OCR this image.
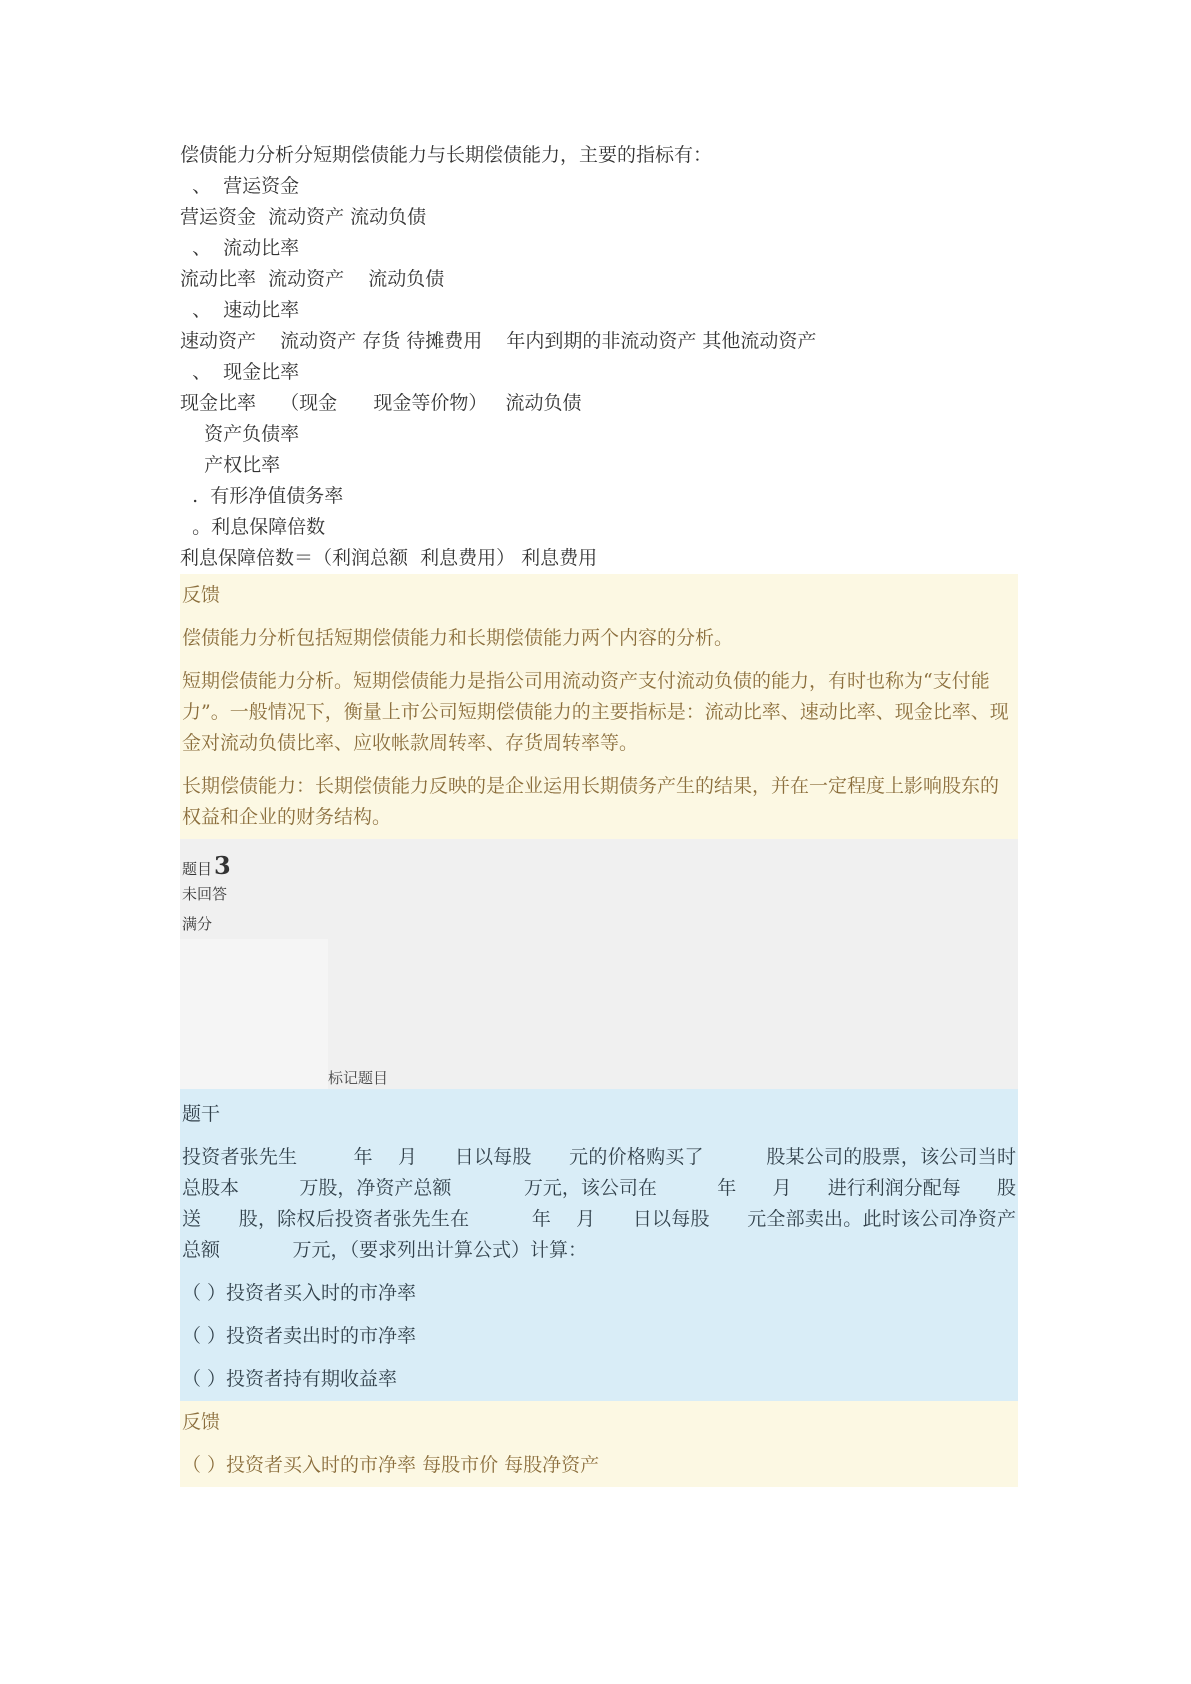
偿债能力分析分短期偿债能力与长期偿债能力，主要的指标有：
、  营运资金
营运资金  流动资产 流动负债
、  流动比率
流动比率  流动资产    流动负债
、  速动比率
速动资产    流动资产 存货 待摊费用    年内到期的非流动资产 其他流动资产
、  现金比率
现金比率    （现金      现金等价物）   流动负债
资产负债率
产权比率
.  有形净值债务率
。利息保障倍数
利息保障倍数＝（利润总额  利息费用） 利息费用

反馈

偿债能力分析包括短期偿债能力和长期偿债能力两个内容的分析。

短期偿债能力分析。短期偿债能力是指公司用流动资产支付流动负债的能力，有时也称为“支付能力”。一般情况下，衡量上市公司短期偿债能力的主要指标是：流动比率、速动比率、现金比率、现金对流动负债比率、应收帐款周转率、存货周转率等。

长期偿债能力：长期偿债能力反映的是企业运用长期债务产生的结果，并在一定程度上影响股东的权益和企业的财务结构。

题目3
未回答
满分
标记题目

题干

投资者张先生         年    月      日以每股      元的价格购买了          股某公司的股票，该公司当时总股本          万股，净资产总额            万元，该公司在          年      月      进行利润分配每      股送      股，除权后投资者张先生在          年    月      日以每股      元全部卖出。此时该公司净资产总额            万元，（要求列出计算公式）计算：

（ ）投资者买入时的市净率

（ ）投资者卖出时的市净率

（ ）投资者持有期收益率

反馈

（ ）投资者买入时的市净率 每股市价 每股净资产
